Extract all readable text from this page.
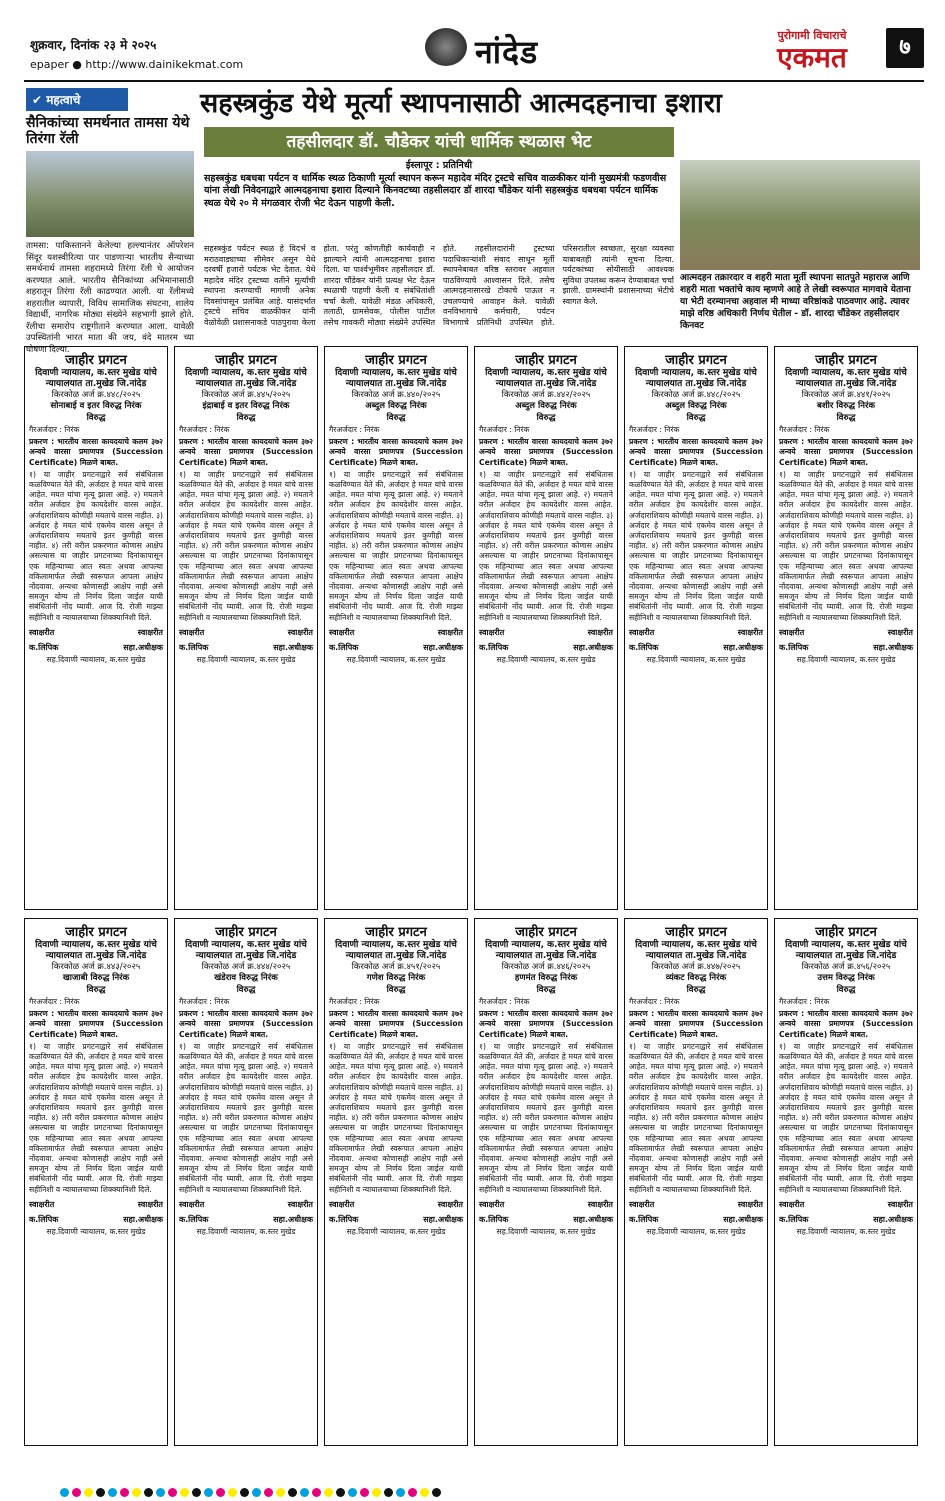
शुक्रवार, दिनांक २३ मे २०२५
epaper ● http://www.dainikekmat.com	नांदेड	पुरोगामी विचाराचे
एकमत	७
✔ महत्वाचे
सैनिकांच्या समर्थनात तामसा येथे तिरंगा रॅली
तामसा: पाकिस्तानने केलेल्या हल्ल्यानंतर ऑपरेशन सिंदूर यशस्वीरित्या पार पाडणाऱ्या भारतीय सैन्याच्या समर्थनार्थ तामसा शहरामध्ये तिरंगा रॅली चे आयोजन करण्यात आले. भारतीय सैनिकांच्या अभिमानासाठी शहरातून तिरंगा रॅली काढण्यात आली. या रॅलीमध्ये शहरातील व्यापारी, विविध सामाजिक संघटना, शालेय विद्यार्थी, नागरिक मोठ्या संख्येने सहभागी झाले होते. रॅलीचा समारोप राष्ट्रगीताने करण्यात आला. यावेळी उपस्थितांनी भारत माता की जय, वंदे मातरम च्या घोषणा दिल्या.
सहस्त्रकुंड येथे मूर्त्या स्थापनासाठी आत्मदहनाचा इशारा
तहसीलदार डॉ. चौडेकर यांची धार्मिक स्थळास भेट
ईस्लापूर : प्रतिनिधी
सहस्त्रकुंड धबधबा पर्यटन व धार्मिक स्थळ ठिकाणी मूर्त्या स्थापन करून महादेव मंदिर ट्रस्टचे सचिव वाळकीकर यांनी मुख्यमंत्री फडणवीस यांना लेखी निवेदनाद्वारे आत्मदहनाचा इशारा दिल्याने किनवटच्या तहसीलदार डॉ शारदा चौंडेकर यांनी सहस्त्रकुंड धबधबा पर्यटन धार्मिक स्थळ येथे २० मे मंगळवार रोजी भेट देऊन पाहणी केली.
सहस्त्रकुंड पर्यटन स्थळ हे विदर्भ व मराठवाड्याच्या सीमेवर असून येथे दरवर्षी हजारो पर्यटक भेट देतात. येथे महादेव मंदिर ट्रस्टच्या वतीने मूर्त्यांची स्थापना करण्याची मागणी अनेक दिवसांपासून प्रलंबित आहे. यासंदर्भात ट्रस्टचे सचिव वाळकीकर यांनी वेळोवेळी प्रशासनाकडे पाठपुरावा केला होता. परंतु कोणतीही कार्यवाही न झाल्याने त्यांनी आत्मदहनाचा इशारा दिला. या पार्श्वभूमीवर तहसीलदार डॉ. शारदा चौंडेकर यांनी प्रत्यक्ष भेट देऊन स्थळाची पाहणी केली व संबंधितांशी चर्चा केली. यावेळी मंडळ अधिकारी, तलाठी, ग्रामसेवक, पोलीस पाटील तसेच गावकरी मोठ्या संख्येने उपस्थित होते. तहसीलदारांनी ट्रस्टच्या पदाधिकाऱ्यांशी संवाद साधून मूर्ती स्थापनेबाबत वरिष्ठ स्तरावर अहवाल पाठविण्याचे आश्वासन दिले. तसेच आत्मदहनासारखे टोकाचे पाऊल न उचलण्याचे आवाहन केले. यावेळी वनविभागाचे कर्मचारी, पर्यटन विभागाचे प्रतिनिधी उपस्थित होते. परिसरातील स्वच्छता, सुरक्षा व्यवस्था याबाबतही त्यांनी सूचना दिल्या. पर्यटकांच्या सोयीसाठी आवश्यक सुविधा उपलब्ध करून देण्याबाबत चर्चा झाली. ग्रामस्थांनी प्रशासनाच्या भेटीचे स्वागत केले.
आत्मदहन तक्रारदार व शहरी माता मूर्ती स्थापना सातपुते महाराज आणि शहरी माता भक्तांचे काय म्हणणे आहे ते लेखी स्वरूपात मागवावे येताना या भेटी दरम्यानचा अहवाल मी माध्या वरिष्ठांकडे पाठवणार आहे. त्यावर माझे वरिष्ठ अधिकारी निर्णय घेतील - डॉ. शारदा चौंडेकर तहसीलदार किनवट
जाहीर प्रगटन
दिवाणी न्यायालय, क.स्तर मुखेड यांचे न्यायालयात ता.मुखेड जि.नांदेड
किरकोळ अर्ज क्र.४४८/२०२५
सोनाबाई व इतर विरुद्ध निरंक
विरुद्ध
गैरअर्जदार : निरंक
प्रकरण : भारतीय वारसा कायदयाचे कलम ३७२ अन्वये वारसा प्रमाणपत्र (Succession Certificate) मिळणे बाबत.
१) या जाहीर प्रगटनाद्वारे सर्व संबंधितास कळविण्यात येते की, अर्जदार हे मयत यांचे वारस आहेत. मयत यांचा मृत्यू झाला आहे. २) मयताने वरील अर्जदार हेच कायदेशीर वारस आहेत. अर्जदाराशिवाय कोणीही मयताचे वारस नाहीत. ३) अर्जदार हे मयत यांचे एकमेव वारस असून ते अर्जदाराशिवाय मयताचे इतर कुणीही वारस नाहीत. ४) तरी वरील प्रकरणात कोणास आक्षेप असल्यास या जाहीर प्रगटनाच्या दिनांकापासून एक महिन्याच्या आत स्वतः अथवा आपल्या वकिलामार्फत लेखी स्वरूपात आपला आक्षेप नोंदवावा. अन्यथा कोणासही आक्षेप नाही असे समजून योग्य तो निर्णय दिला जाईल याची संबंधितांनी नोंद घ्यावी. आज दि. रोजी माझ्या सहीनिशी व न्यायालयाच्या शिक्क्यानिशी दिले.
स्वाक्षरीत	स्वाक्षरीत
क.लिपिक	सहा.अधीक्षक
सह.दिवाणी न्यायालय, क.स्तर मुखेड
जाहीर प्रगटन
दिवाणी न्यायालय, क.स्तर मुखेड यांचे न्यायालयात ता.मुखेड जि.नांदेड
किरकोळ अर्ज क्र.४४५/२०२५
इंद्राबाई व इतर विरुद्ध निरंक
विरुद्ध
गैरअर्जदार : निरंक
प्रकरण : भारतीय वारसा कायदयाचे कलम ३७२ अन्वये वारसा प्रमाणपत्र (Succession Certificate) मिळणे बाबत.
१) या जाहीर प्रगटनाद्वारे सर्व संबंधितास कळविण्यात येते की, अर्जदार हे मयत यांचे वारस आहेत. मयत यांचा मृत्यू झाला आहे. २) मयताने वरील अर्जदार हेच कायदेशीर वारस आहेत. अर्जदाराशिवाय कोणीही मयताचे वारस नाहीत. ३) अर्जदार हे मयत यांचे एकमेव वारस असून ते अर्जदाराशिवाय मयताचे इतर कुणीही वारस नाहीत. ४) तरी वरील प्रकरणात कोणास आक्षेप असल्यास या जाहीर प्रगटनाच्या दिनांकापासून एक महिन्याच्या आत स्वतः अथवा आपल्या वकिलामार्फत लेखी स्वरूपात आपला आक्षेप नोंदवावा. अन्यथा कोणासही आक्षेप नाही असे समजून योग्य तो निर्णय दिला जाईल याची संबंधितांनी नोंद घ्यावी. आज दि. रोजी माझ्या सहीनिशी व न्यायालयाच्या शिक्क्यानिशी दिले.
स्वाक्षरीत	स्वाक्षरीत
क.लिपिक	सहा.अधीक्षक
सह.दिवाणी न्यायालय, क.स्तर मुखेड
जाहीर प्रगटन
दिवाणी न्यायालय, क.स्तर मुखेड यांचे न्यायालयात ता.मुखेड जि.नांदेड
किरकोळ अर्ज क्र.४४०/२०२५
अब्दुल विरुद्ध निरंक
विरुद्ध
गैरअर्जदार : निरंक
प्रकरण : भारतीय वारसा कायदयाचे कलम ३७२ अन्वये वारसा प्रमाणपत्र (Succession Certificate) मिळणे बाबत.
१) या जाहीर प्रगटनाद्वारे सर्व संबंधितास कळविण्यात येते की, अर्जदार हे मयत यांचे वारस आहेत. मयत यांचा मृत्यू झाला आहे. २) मयताने वरील अर्जदार हेच कायदेशीर वारस आहेत. अर्जदाराशिवाय कोणीही मयताचे वारस नाहीत. ३) अर्जदार हे मयत यांचे एकमेव वारस असून ते अर्जदाराशिवाय मयताचे इतर कुणीही वारस नाहीत. ४) तरी वरील प्रकरणात कोणास आक्षेप असल्यास या जाहीर प्रगटनाच्या दिनांकापासून एक महिन्याच्या आत स्वतः अथवा आपल्या वकिलामार्फत लेखी स्वरूपात आपला आक्षेप नोंदवावा. अन्यथा कोणासही आक्षेप नाही असे समजून योग्य तो निर्णय दिला जाईल याची संबंधितांनी नोंद घ्यावी. आज दि. रोजी माझ्या सहीनिशी व न्यायालयाच्या शिक्क्यानिशी दिले.
स्वाक्षरीत	स्वाक्षरीत
क.लिपिक	सहा.अधीक्षक
सह.दिवाणी न्यायालय, क.स्तर मुखेड
जाहीर प्रगटन
दिवाणी न्यायालय, क.स्तर मुखेड यांचे न्यायालयात ता.मुखेड जि.नांदेड
किरकोळ अर्ज क्र.४४२/२०२५
अब्दुल विरुद्ध निरंक
विरुद्ध
गैरअर्जदार : निरंक
प्रकरण : भारतीय वारसा कायदयाचे कलम ३७२ अन्वये वारसा प्रमाणपत्र (Succession Certificate) मिळणे बाबत.
१) या जाहीर प्रगटनाद्वारे सर्व संबंधितास कळविण्यात येते की, अर्जदार हे मयत यांचे वारस आहेत. मयत यांचा मृत्यू झाला आहे. २) मयताने वरील अर्जदार हेच कायदेशीर वारस आहेत. अर्जदाराशिवाय कोणीही मयताचे वारस नाहीत. ३) अर्जदार हे मयत यांचे एकमेव वारस असून ते अर्जदाराशिवाय मयताचे इतर कुणीही वारस नाहीत. ४) तरी वरील प्रकरणात कोणास आक्षेप असल्यास या जाहीर प्रगटनाच्या दिनांकापासून एक महिन्याच्या आत स्वतः अथवा आपल्या वकिलामार्फत लेखी स्वरूपात आपला आक्षेप नोंदवावा. अन्यथा कोणासही आक्षेप नाही असे समजून योग्य तो निर्णय दिला जाईल याची संबंधितांनी नोंद घ्यावी. आज दि. रोजी माझ्या सहीनिशी व न्यायालयाच्या शिक्क्यानिशी दिले.
स्वाक्षरीत	स्वाक्षरीत
क.लिपिक	सहा.अधीक्षक
सह.दिवाणी न्यायालय, क.स्तर मुखेड
जाहीर प्रगटन
दिवाणी न्यायालय, क.स्तर मुखेड यांचे न्यायालयात ता.मुखेड जि.नांदेड
किरकोळ अर्ज क्र.४४८/२०२५
अब्दुल विरुद्ध निरंक
विरुद्ध
गैरअर्जदार : निरंक
प्रकरण : भारतीय वारसा कायदयाचे कलम ३७२ अन्वये वारसा प्रमाणपत्र (Succession Certificate) मिळणे बाबत.
१) या जाहीर प्रगटनाद्वारे सर्व संबंधितास कळविण्यात येते की, अर्जदार हे मयत यांचे वारस आहेत. मयत यांचा मृत्यू झाला आहे. २) मयताने वरील अर्जदार हेच कायदेशीर वारस आहेत. अर्जदाराशिवाय कोणीही मयताचे वारस नाहीत. ३) अर्जदार हे मयत यांचे एकमेव वारस असून ते अर्जदाराशिवाय मयताचे इतर कुणीही वारस नाहीत. ४) तरी वरील प्रकरणात कोणास आक्षेप असल्यास या जाहीर प्रगटनाच्या दिनांकापासून एक महिन्याच्या आत स्वतः अथवा आपल्या वकिलामार्फत लेखी स्वरूपात आपला आक्षेप नोंदवावा. अन्यथा कोणासही आक्षेप नाही असे समजून योग्य तो निर्णय दिला जाईल याची संबंधितांनी नोंद घ्यावी. आज दि. रोजी माझ्या सहीनिशी व न्यायालयाच्या शिक्क्यानिशी दिले.
स्वाक्षरीत	स्वाक्षरीत
क.लिपिक	सहा.अधीक्षक
सह.दिवाणी न्यायालय, क.स्तर मुखेड
जाहीर प्रगटन
दिवाणी न्यायालय, क.स्तर मुखेड यांचे न्यायालयात ता.मुखेड जि.नांदेड
किरकोळ अर्ज क्र.४४१/२०२५
बशीर विरुद्ध निरंक
विरुद्ध
गैरअर्जदार : निरंक
प्रकरण : भारतीय वारसा कायदयाचे कलम ३७२ अन्वये वारसा प्रमाणपत्र (Succession Certificate) मिळणे बाबत.
१) या जाहीर प्रगटनाद्वारे सर्व संबंधितास कळविण्यात येते की, अर्जदार हे मयत यांचे वारस आहेत. मयत यांचा मृत्यू झाला आहे. २) मयताने वरील अर्जदार हेच कायदेशीर वारस आहेत. अर्जदाराशिवाय कोणीही मयताचे वारस नाहीत. ३) अर्जदार हे मयत यांचे एकमेव वारस असून ते अर्जदाराशिवाय मयताचे इतर कुणीही वारस नाहीत. ४) तरी वरील प्रकरणात कोणास आक्षेप असल्यास या जाहीर प्रगटनाच्या दिनांकापासून एक महिन्याच्या आत स्वतः अथवा आपल्या वकिलामार्फत लेखी स्वरूपात आपला आक्षेप नोंदवावा. अन्यथा कोणासही आक्षेप नाही असे समजून योग्य तो निर्णय दिला जाईल याची संबंधितांनी नोंद घ्यावी. आज दि. रोजी माझ्या सहीनिशी व न्यायालयाच्या शिक्क्यानिशी दिले.
स्वाक्षरीत	स्वाक्षरीत
क.लिपिक	सहा.अधीक्षक
सह.दिवाणी न्यायालय, क.स्तर मुखेड
जाहीर प्रगटन
दिवाणी न्यायालय, क.स्तर मुखेड यांचे न्यायालयात ता.मुखेड जि.नांदेड
किरकोळ अर्ज क्र.४४३/२०२५
खाजाबी विरुद्ध निरंक
विरुद्ध
गैरअर्जदार : निरंक
प्रकरण : भारतीय वारसा कायदयाचे कलम ३७२ अन्वये वारसा प्रमाणपत्र (Succession Certificate) मिळणे बाबत.
१) या जाहीर प्रगटनाद्वारे सर्व संबंधितास कळविण्यात येते की, अर्जदार हे मयत यांचे वारस आहेत. मयत यांचा मृत्यू झाला आहे. २) मयताने वरील अर्जदार हेच कायदेशीर वारस आहेत. अर्जदाराशिवाय कोणीही मयताचे वारस नाहीत. ३) अर्जदार हे मयत यांचे एकमेव वारस असून ते अर्जदाराशिवाय मयताचे इतर कुणीही वारस नाहीत. ४) तरी वरील प्रकरणात कोणास आक्षेप असल्यास या जाहीर प्रगटनाच्या दिनांकापासून एक महिन्याच्या आत स्वतः अथवा आपल्या वकिलामार्फत लेखी स्वरूपात आपला आक्षेप नोंदवावा. अन्यथा कोणासही आक्षेप नाही असे समजून योग्य तो निर्णय दिला जाईल याची संबंधितांनी नोंद घ्यावी. आज दि. रोजी माझ्या सहीनिशी व न्यायालयाच्या शिक्क्यानिशी दिले.
स्वाक्षरीत	स्वाक्षरीत
क.लिपिक	सहा.अधीक्षक
सह.दिवाणी न्यायालय, क.स्तर मुखेड
जाहीर प्रगटन
दिवाणी न्यायालय, क.स्तर मुखेड यांचे न्यायालयात ता.मुखेड जि.नांदेड
किरकोळ अर्ज क्र.४४४/२०२५
खंडेराव विरुद्ध निरंक
विरुद्ध
गैरअर्जदार : निरंक
प्रकरण : भारतीय वारसा कायदयाचे कलम ३७२ अन्वये वारसा प्रमाणपत्र (Succession Certificate) मिळणे बाबत.
१) या जाहीर प्रगटनाद्वारे सर्व संबंधितास कळविण्यात येते की, अर्जदार हे मयत यांचे वारस आहेत. मयत यांचा मृत्यू झाला आहे. २) मयताने वरील अर्जदार हेच कायदेशीर वारस आहेत. अर्जदाराशिवाय कोणीही मयताचे वारस नाहीत. ३) अर्जदार हे मयत यांचे एकमेव वारस असून ते अर्जदाराशिवाय मयताचे इतर कुणीही वारस नाहीत. ४) तरी वरील प्रकरणात कोणास आक्षेप असल्यास या जाहीर प्रगटनाच्या दिनांकापासून एक महिन्याच्या आत स्वतः अथवा आपल्या वकिलामार्फत लेखी स्वरूपात आपला आक्षेप नोंदवावा. अन्यथा कोणासही आक्षेप नाही असे समजून योग्य तो निर्णय दिला जाईल याची संबंधितांनी नोंद घ्यावी. आज दि. रोजी माझ्या सहीनिशी व न्यायालयाच्या शिक्क्यानिशी दिले.
स्वाक्षरीत	स्वाक्षरीत
क.लिपिक	सहा.अधीक्षक
सह.दिवाणी न्यायालय, क.स्तर मुखेड
जाहीर प्रगटन
दिवाणी न्यायालय, क.स्तर मुखेड यांचे न्यायालयात ता.मुखेड जि.नांदेड
किरकोळ अर्ज क्र.४५१/२०२५
गणेश विरुद्ध निरंक
विरुद्ध
गैरअर्जदार : निरंक
प्रकरण : भारतीय वारसा कायदयाचे कलम ३७२ अन्वये वारसा प्रमाणपत्र (Succession Certificate) मिळणे बाबत.
१) या जाहीर प्रगटनाद्वारे सर्व संबंधितास कळविण्यात येते की, अर्जदार हे मयत यांचे वारस आहेत. मयत यांचा मृत्यू झाला आहे. २) मयताने वरील अर्जदार हेच कायदेशीर वारस आहेत. अर्जदाराशिवाय कोणीही मयताचे वारस नाहीत. ३) अर्जदार हे मयत यांचे एकमेव वारस असून ते अर्जदाराशिवाय मयताचे इतर कुणीही वारस नाहीत. ४) तरी वरील प्रकरणात कोणास आक्षेप असल्यास या जाहीर प्रगटनाच्या दिनांकापासून एक महिन्याच्या आत स्वतः अथवा आपल्या वकिलामार्फत लेखी स्वरूपात आपला आक्षेप नोंदवावा. अन्यथा कोणासही आक्षेप नाही असे समजून योग्य तो निर्णय दिला जाईल याची संबंधितांनी नोंद घ्यावी. आज दि. रोजी माझ्या सहीनिशी व न्यायालयाच्या शिक्क्यानिशी दिले.
स्वाक्षरीत	स्वाक्षरीत
क.लिपिक	सहा.अधीक्षक
सह.दिवाणी न्यायालय, क.स्तर मुखेड
जाहीर प्रगटन
दिवाणी न्यायालय, क.स्तर मुखेड यांचे न्यायालयात ता.मुखेड जि.नांदेड
किरकोळ अर्ज क्र.४४६/२०२५
हणमंत विरुद्ध निरंक
विरुद्ध
गैरअर्जदार : निरंक
प्रकरण : भारतीय वारसा कायदयाचे कलम ३७२ अन्वये वारसा प्रमाणपत्र (Succession Certificate) मिळणे बाबत.
१) या जाहीर प्रगटनाद्वारे सर्व संबंधितास कळविण्यात येते की, अर्जदार हे मयत यांचे वारस आहेत. मयत यांचा मृत्यू झाला आहे. २) मयताने वरील अर्जदार हेच कायदेशीर वारस आहेत. अर्जदाराशिवाय कोणीही मयताचे वारस नाहीत. ३) अर्जदार हे मयत यांचे एकमेव वारस असून ते अर्जदाराशिवाय मयताचे इतर कुणीही वारस नाहीत. ४) तरी वरील प्रकरणात कोणास आक्षेप असल्यास या जाहीर प्रगटनाच्या दिनांकापासून एक महिन्याच्या आत स्वतः अथवा आपल्या वकिलामार्फत लेखी स्वरूपात आपला आक्षेप नोंदवावा. अन्यथा कोणासही आक्षेप नाही असे समजून योग्य तो निर्णय दिला जाईल याची संबंधितांनी नोंद घ्यावी. आज दि. रोजी माझ्या सहीनिशी व न्यायालयाच्या शिक्क्यानिशी दिले.
स्वाक्षरीत	स्वाक्षरीत
क.लिपिक	सहा.अधीक्षक
सह.दिवाणी न्यायालय, क.स्तर मुखेड
जाहीर प्रगटन
दिवाणी न्यायालय, क.स्तर मुखेड यांचे न्यायालयात ता.मुखेड जि.नांदेड
किरकोळ अर्ज क्र.४४७/२०२५
व्यंकट विरुद्ध निरंक
विरुद्ध
गैरअर्जदार : निरंक
प्रकरण : भारतीय वारसा कायदयाचे कलम ३७२ अन्वये वारसा प्रमाणपत्र (Succession Certificate) मिळणे बाबत.
१) या जाहीर प्रगटनाद्वारे सर्व संबंधितास कळविण्यात येते की, अर्जदार हे मयत यांचे वारस आहेत. मयत यांचा मृत्यू झाला आहे. २) मयताने वरील अर्जदार हेच कायदेशीर वारस आहेत. अर्जदाराशिवाय कोणीही मयताचे वारस नाहीत. ३) अर्जदार हे मयत यांचे एकमेव वारस असून ते अर्जदाराशिवाय मयताचे इतर कुणीही वारस नाहीत. ४) तरी वरील प्रकरणात कोणास आक्षेप असल्यास या जाहीर प्रगटनाच्या दिनांकापासून एक महिन्याच्या आत स्वतः अथवा आपल्या वकिलामार्फत लेखी स्वरूपात आपला आक्षेप नोंदवावा. अन्यथा कोणासही आक्षेप नाही असे समजून योग्य तो निर्णय दिला जाईल याची संबंधितांनी नोंद घ्यावी. आज दि. रोजी माझ्या सहीनिशी व न्यायालयाच्या शिक्क्यानिशी दिले.
स्वाक्षरीत	स्वाक्षरीत
क.लिपिक	सहा.अधीक्षक
सह.दिवाणी न्यायालय, क.स्तर मुखेड
जाहीर प्रगटन
दिवाणी न्यायालय, क.स्तर मुखेड यांचे न्यायालयात ता.मुखेड जि.नांदेड
किरकोळ अर्ज क्र.४५६/२०२५
उत्तम विरुद्ध निरंक
विरुद्ध
गैरअर्जदार : निरंक
प्रकरण : भारतीय वारसा कायदयाचे कलम ३७२ अन्वये वारसा प्रमाणपत्र (Succession Certificate) मिळणे बाबत.
१) या जाहीर प्रगटनाद्वारे सर्व संबंधितास कळविण्यात येते की, अर्जदार हे मयत यांचे वारस आहेत. मयत यांचा मृत्यू झाला आहे. २) मयताने वरील अर्जदार हेच कायदेशीर वारस आहेत. अर्जदाराशिवाय कोणीही मयताचे वारस नाहीत. ३) अर्जदार हे मयत यांचे एकमेव वारस असून ते अर्जदाराशिवाय मयताचे इतर कुणीही वारस नाहीत. ४) तरी वरील प्रकरणात कोणास आक्षेप असल्यास या जाहीर प्रगटनाच्या दिनांकापासून एक महिन्याच्या आत स्वतः अथवा आपल्या वकिलामार्फत लेखी स्वरूपात आपला आक्षेप नोंदवावा. अन्यथा कोणासही आक्षेप नाही असे समजून योग्य तो निर्णय दिला जाईल याची संबंधितांनी नोंद घ्यावी. आज दि. रोजी माझ्या सहीनिशी व न्यायालयाच्या शिक्क्यानिशी दिले.
स्वाक्षरीत	स्वाक्षरीत
क.लिपिक	सहा.अधीक्षक
सह.दिवाणी न्यायालय, क.स्तर मुखेड
